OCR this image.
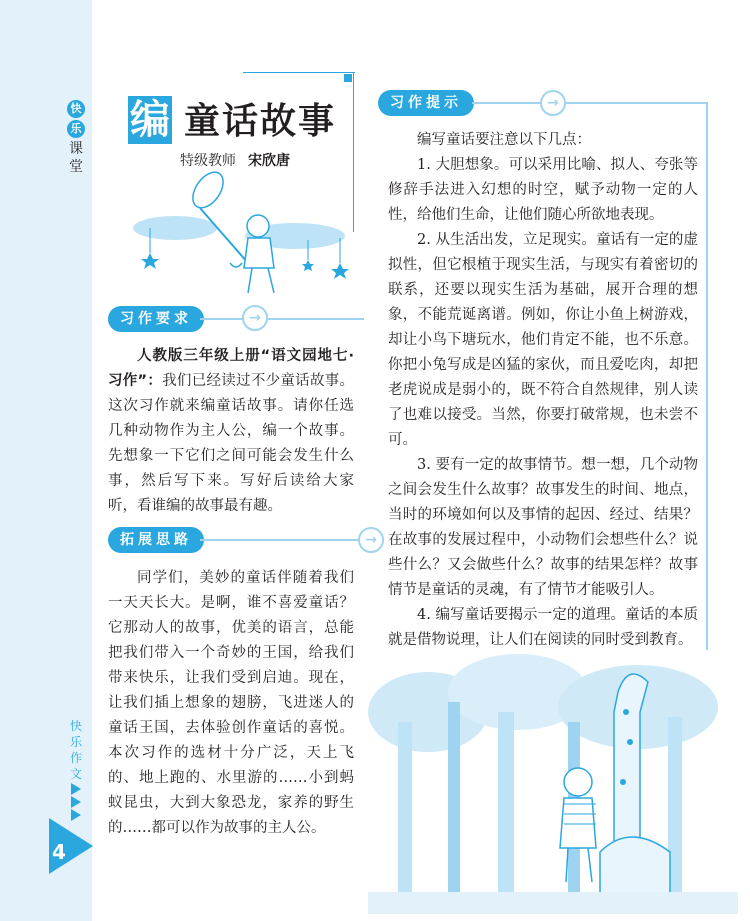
快
乐
课
堂
快
乐
作
文
4
编 童话故事
特级教师 宋欣唐
习作要求	→

人教版三年级上册“语文园地七·习作”：我们已经读过不少童话故事。这次习作就来编童话故事。请你任选几种动物作为主人公，编一个故事。先想象一下它们之间可能会发生什么事，然后写下来。写好后读给大家听，看谁编的故事最有趣。

拓展思路	→

同学们，美妙的童话伴随着我们一天天长大。是啊，谁不喜爱童话？它那动人的故事，优美的语言，总能把我们带入一个奇妙的王国，给我们带来快乐，让我们受到启迪。现在，让我们插上想象的翅膀，飞进迷人的童话王国，去体验创作童话的喜悦。本次习作的选材十分广泛，天上飞的、地上跑的、水里游的……小到蚂蚁昆虫，大到大象恐龙，家养的野生的……都可以作为故事的主人公。

习作提示	→

编写童话要注意以下几点：

1. 大胆想象。可以采用比喻、拟人、夸张等修辞手法进入幻想的时空，赋予动物一定的人性，给他们生命，让他们随心所欲地表现。

2. 从生活出发，立足现实。童话有一定的虚拟性，但它根植于现实生活，与现实有着密切的联系，还要以现实生活为基础，展开合理的想象，不能荒诞离谱。例如，你让小鱼上树游戏，却让小鸟下塘玩水，他们肯定不能，也不乐意。你把小兔写成是凶猛的家伙，而且爱吃肉，却把老虎说成是弱小的，既不符合自然规律，别人读了也难以接受。当然，你要打破常规，也未尝不可。

3. 要有一定的故事情节。想一想，几个动物之间会发生什么故事？故事发生的时间、地点，当时的环境如何以及事情的起因、经过、结果？在故事的发展过程中，小动物们会想些什么？说些什么？又会做些什么？故事的结果怎样？故事情节是童话的灵魂，有了情节才能吸引人。

4. 编写童话要揭示一定的道理。童话的本质就是借物说理，让人们在阅读的同时受到教育。
